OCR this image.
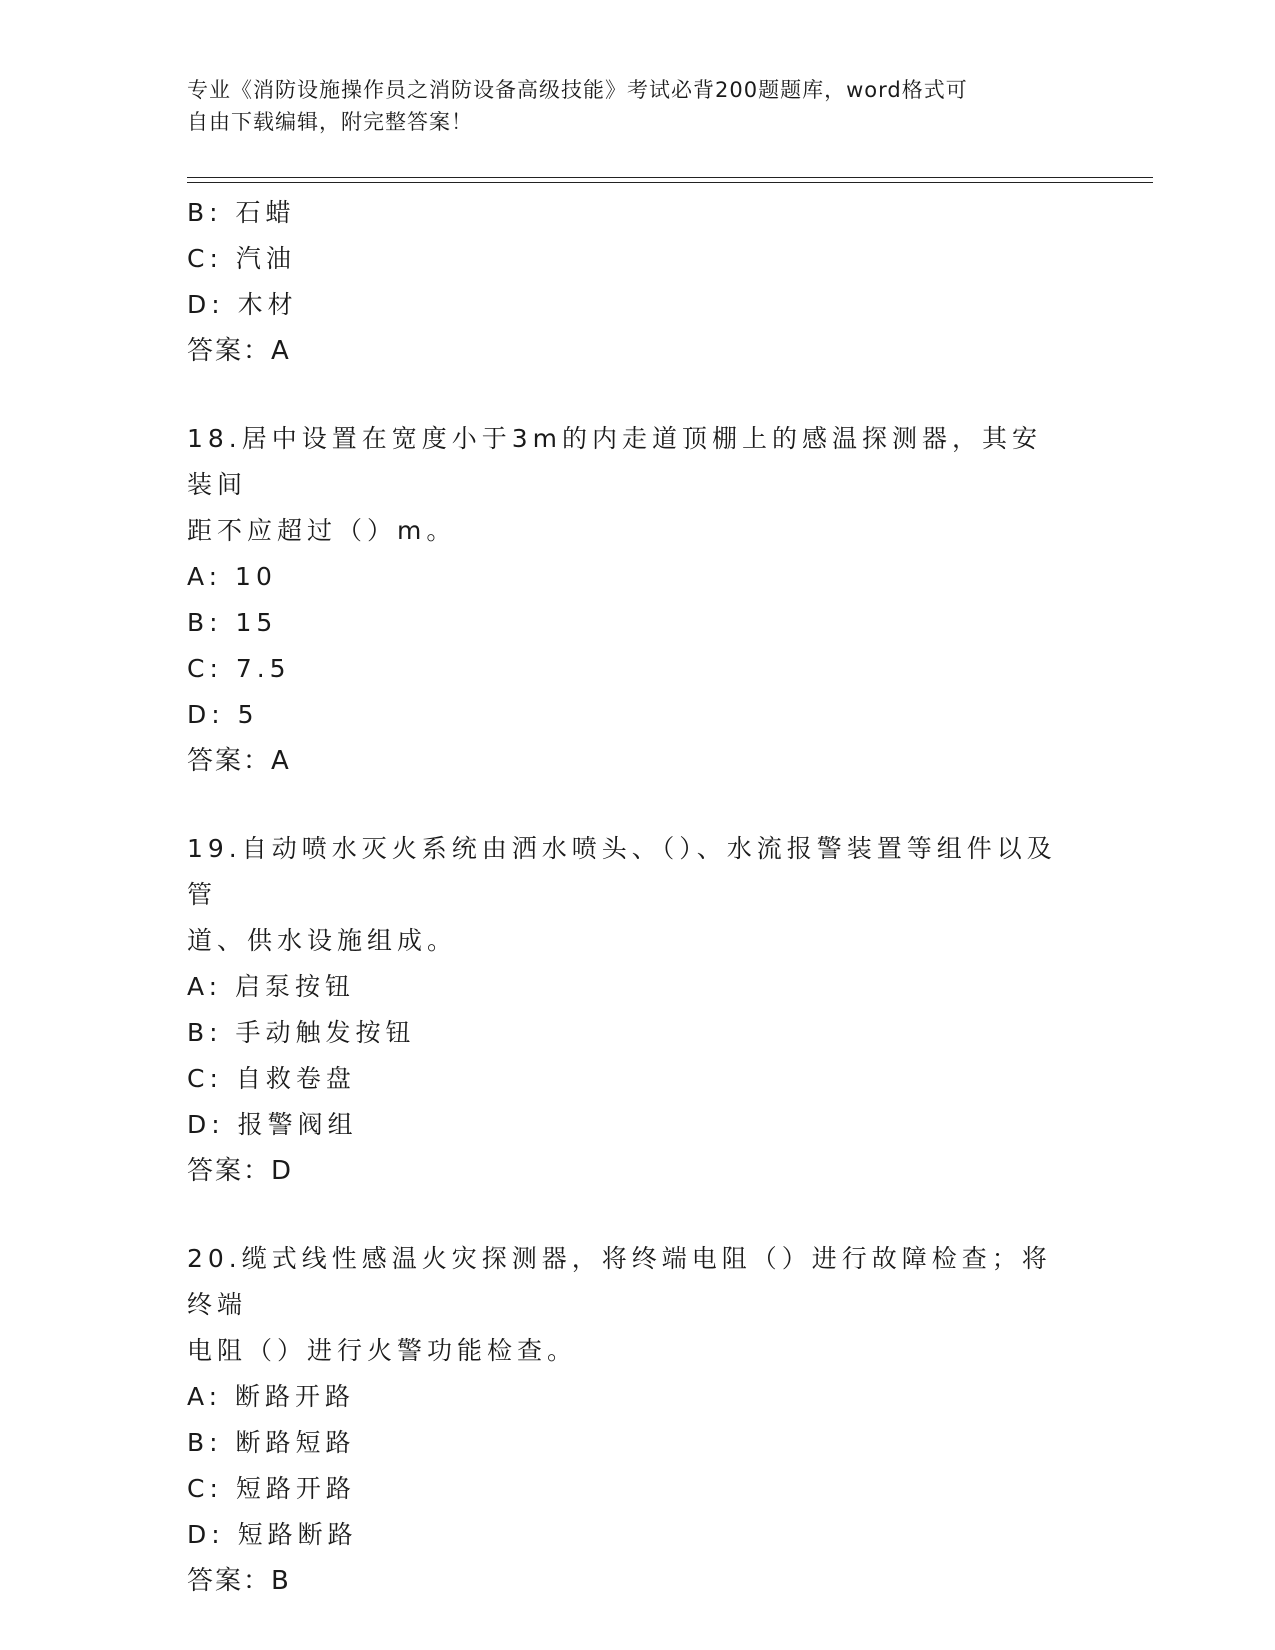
专业《消防设施操作员之消防设备高级技能》考试必背200题题库，word格式可
自由下载编辑，附完整答案！
B: 石蜡
C: 汽油
D: 木材
答案：A
18.居中设置在宽度小于3m的内走道顶棚上的感温探测器，其安装间
距不应超过（）m。
A: 10
B: 15
C: 7.5
D: 5
答案：A
19.自动喷水灭火系统由洒水喷头、（）、水流报警装置等组件以及管
道、供水设施组成。
A: 启泵按钮
B: 手动触发按钮
C: 自救卷盘
D: 报警阀组
答案：D
20.缆式线性感温火灾探测器，将终端电阻（）进行故障检查；将终端
电阻（）进行火警功能检查。
A: 断路开路
B: 断路短路
C: 短路开路
D: 短路断路
答案：B
